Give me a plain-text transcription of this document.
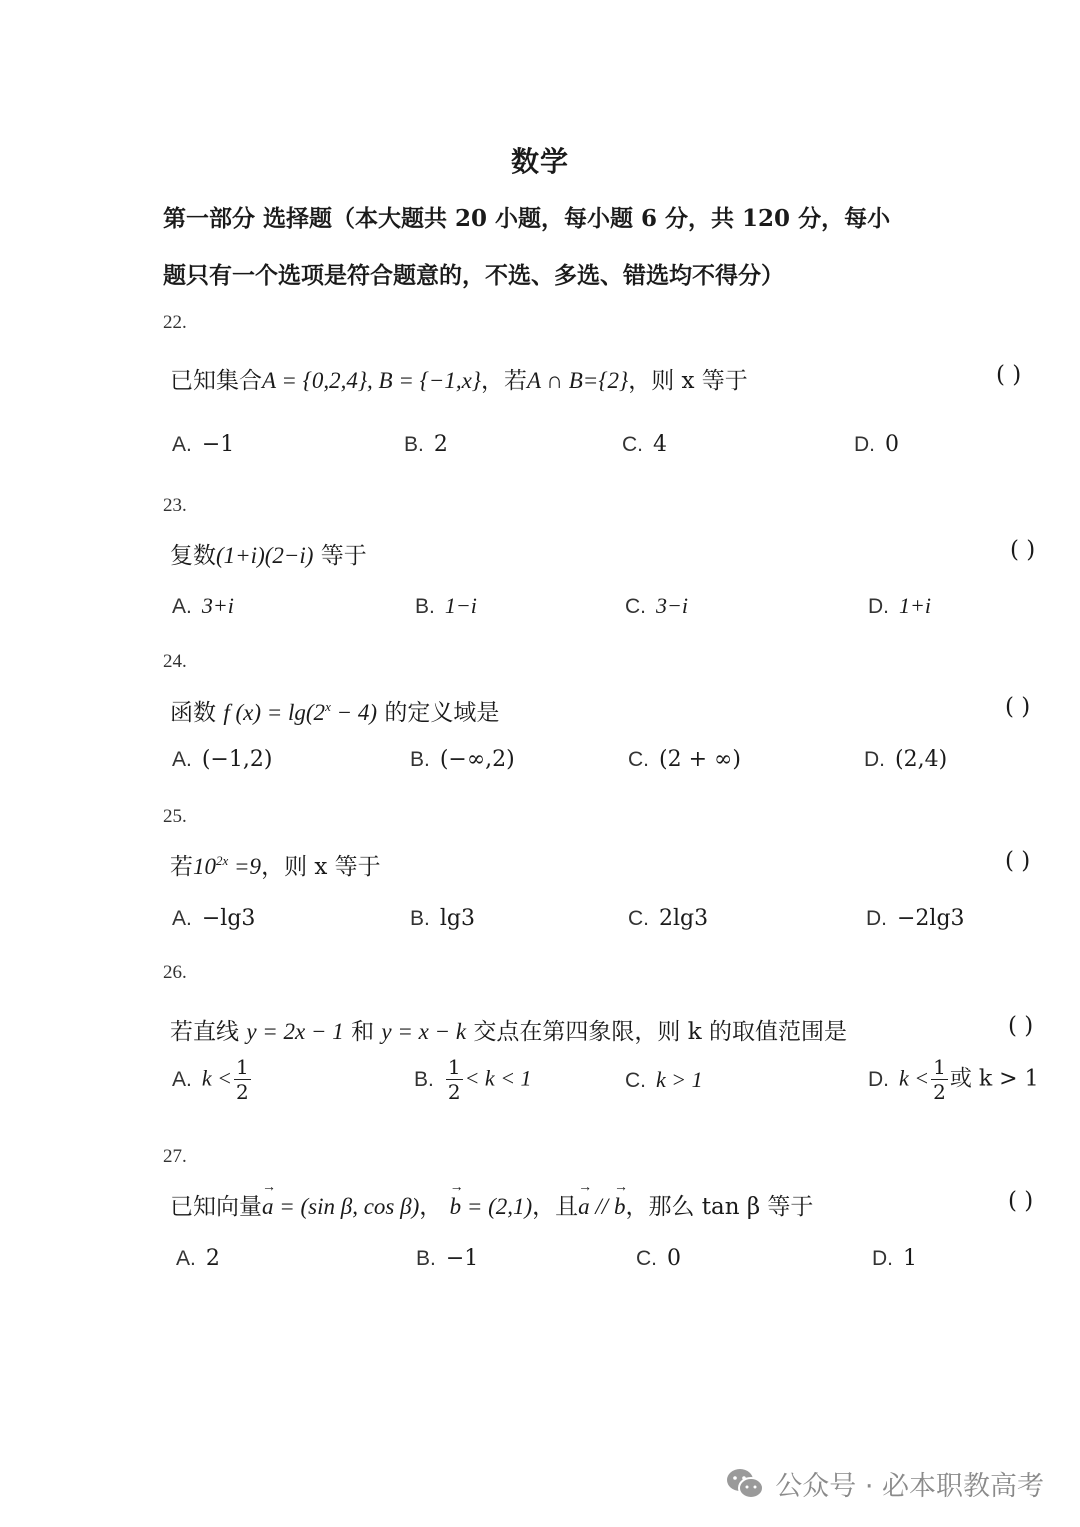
数学
第一部分 选择题（本大题共 20 小题，每小题 6 分，共 120 分，每小
题只有一个选项是符合题意的，不选、多选、错选均不得分）
22.
已知集合A = {0,2,4}, B = {−1,x}，若A ∩ B={2}，则 x 等于	( )
A. −1	B. 2	C. 4	D. 0
23.
复数(1+i)(2−i) 等于	( )
A. 3+i	B. 1−i	C. 3−i	D. 1+i
24.
函数 f $(x) = \lg(2^x - 4)$ 的定义域是	( )
A. (−1,2)	B. (−∞,2)	C. (2 + ∞)	D. (2,4)
25.
若$10^{2x} =9$，则 x 等于	( )
A. −lg3	B. lg3	C. 2lg3	D. −2lg3
26.
若直线 y = 2x − 1 和 y = x − k 交点在第四象限，则 k 的取值范围是	( )
A. $k < \frac{1}{2}$	B. $\frac{1}{2} < k < 1$	C. k > 1	D. $k < \frac{1}{2}$ 或 k > 1
27.
已知向量→ a = (sin β, cos β)， → b = (2,1)，且→ a // → b，那么 tan β 等于	( )
A. 2	B. −1	C. 0	D. 1
公众号 · 必本职教高考
